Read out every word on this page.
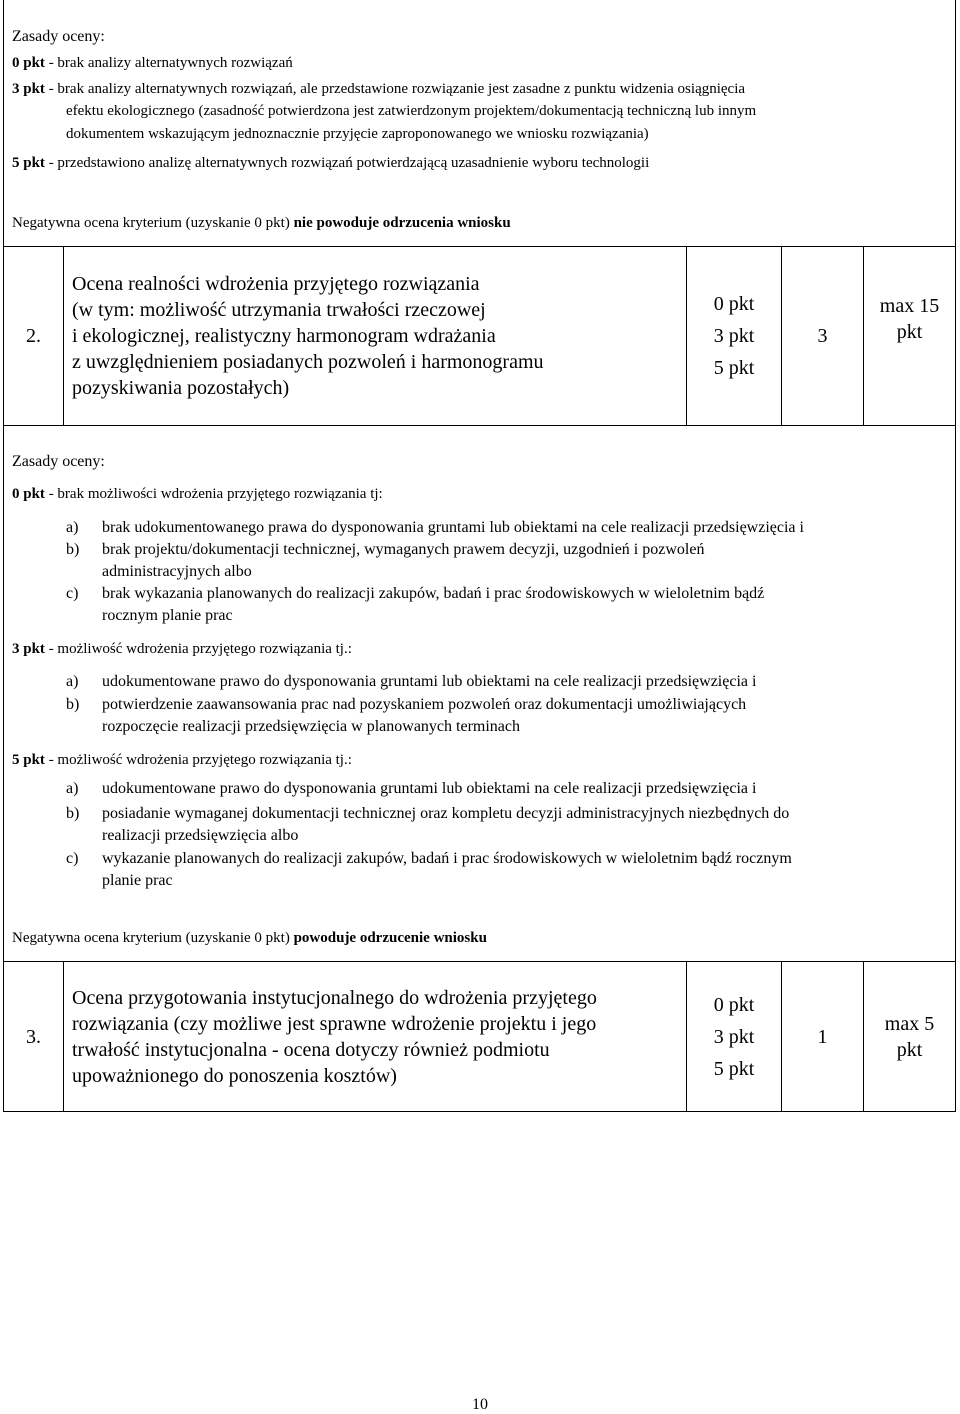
Zasady oceny:
0 pkt - brak analizy alternatywnych rozwiązań
3 pkt - brak analizy alternatywnych rozwiązań, ale przedstawione rozwiązanie jest zasadne z punktu widzenia osiągnięcia
efektu ekologicznego (zasadność potwierdzona jest zatwierdzonym projektem/dokumentacją techniczną lub innym
dokumentem wskazującym jednoznacznie przyjęcie zaproponowanego we wniosku rozwiązania)
5 pkt - przedstawiono analizę alternatywnych rozwiązań potwierdzającą uzasadnienie wyboru technologii
Negatywna ocena kryterium (uzyskanie 0 pkt) nie powoduje odrzucenia wniosku
2.
Ocena realności wdrożenia przyjętego rozwiązania
(w tym: możliwość utrzymania trwałości rzeczowej
i ekologicznej, realistyczny harmonogram wdrażania
z uwzględnieniem posiadanych pozwoleń i harmonogramu
pozyskiwania pozostałych)
0 pkt
3 pkt
5 pkt
3
max 15
pkt
Zasady oceny:
0 pkt - brak możliwości wdrożenia przyjętego rozwiązania tj:
a) brak udokumentowanego prawa do dysponowania gruntami lub obiektami na cele realizacji przedsięwzięcia i
b) brak projektu/dokumentacji technicznej, wymaganych prawem decyzji, uzgodnień i pozwoleń
administracyjnych albo
c) brak wykazania planowanych do realizacji zakupów, badań i prac środowiskowych w wieloletnim bądź
rocznym planie prac
3 pkt - możliwość wdrożenia przyjętego rozwiązania tj.:
a) udokumentowane prawo do dysponowania gruntami lub obiektami na cele realizacji przedsięwzięcia i
b) potwierdzenie zaawansowania prac nad pozyskaniem pozwoleń oraz dokumentacji umożliwiających
rozpoczęcie realizacji przedsięwzięcia w planowanych terminach
5 pkt - możliwość wdrożenia przyjętego rozwiązania tj.:
a) udokumentowane prawo do dysponowania gruntami lub obiektami na cele realizacji przedsięwzięcia i
b) posiadanie wymaganej dokumentacji technicznej oraz kompletu decyzji administracyjnych niezbędnych do
realizacji przedsięwzięcia albo
c) wykazanie planowanych do realizacji zakupów, badań i prac środowiskowych w wieloletnim bądź rocznym
planie prac
Negatywna ocena kryterium (uzyskanie 0 pkt) powoduje odrzucenie wniosku
3.
Ocena przygotowania instytucjonalnego do wdrożenia przyjętego
rozwiązania (czy możliwe jest sprawne wdrożenie projektu i jego
trwałość instytucjonalna - ocena dotyczy również podmiotu
upoważnionego do ponoszenia kosztów)
0 pkt
3 pkt
5 pkt
1
max 5
pkt
10
